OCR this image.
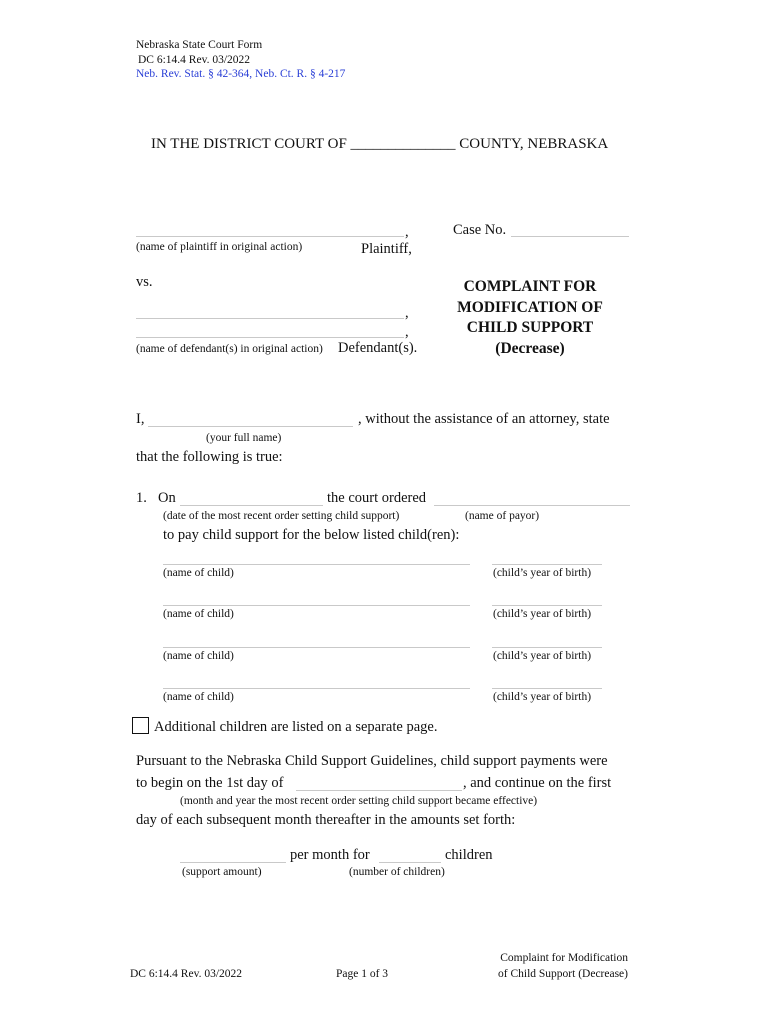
Nebraska State Court Form
DC 6:14.4 Rev. 03/2022
Neb. Rev. Stat. § 42-364, Neb. Ct. R. § 4-217
IN THE DISTRICT COURT OF ______________ COUNTY, NEBRASKA
,
(name of plaintiff in original action)	Plaintiff,
Case No.
vs.
,
,
(name of defendant(s) in original action) Defendant(s).
COMPLAINT FOR
MODIFICATION OF
CHILD SUPPORT
(Decrease)
I,	, without the assistance of an attorney, state
(your full name)
that the following is true:
1. On	the court ordered
(date of the most recent order setting child support)	(name of payor)
to pay child support for the below listed child(ren):
(name of child)	(child’s year of birth)
(name of child)	(child’s year of birth)
(name of child)	(child’s year of birth)
(name of child)	(child’s year of birth)
Additional children are listed on a separate page.
Pursuant to the Nebraska Child Support Guidelines, child support payments were
to begin on the 1st day of	, and continue on the first
(month and year the most recent order setting child support became effective)
day of each subsequent month thereafter in the amounts set forth:
per month for	children
(support amount)	(number of children)
DC 6:14.4 Rev. 03/2022	Page 1 of 3
Complaint for Modification
of Child Support (Decrease)
